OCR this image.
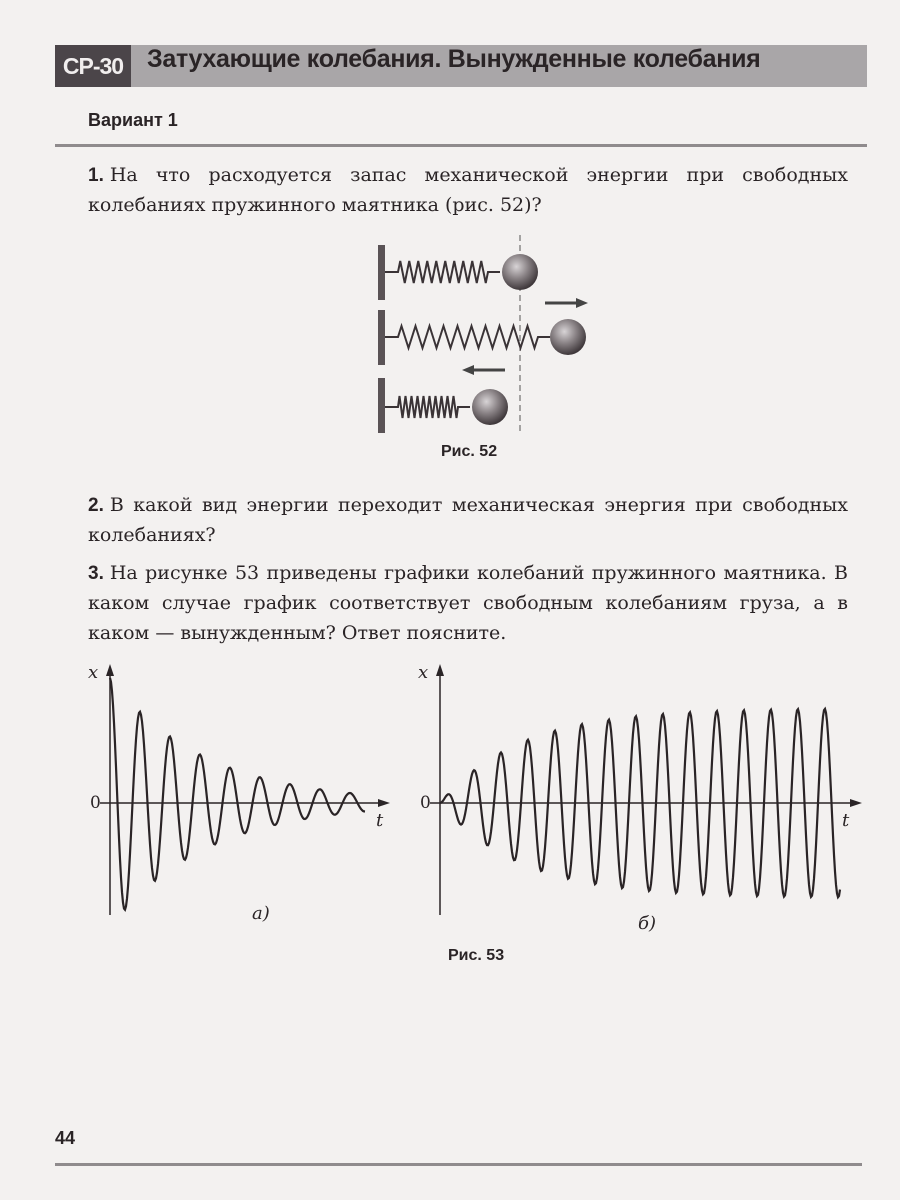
СР-30 Затухающие колебания. Вынужденные колебания
Вариант 1
1. На что расходуется запас механической энергии при свободных колебаниях пружинного маятника (рис. 52)?
Рис. 52
2. В какой вид энергии переходит механическая энергия при свободных колебаниях?
3. На рисунке 53 приведены графики колебаний пружинного маятника. В каком случае график соответствует свободным колебаниям груза, а в каком — вынужденным? Ответ поясните.
x
0
t
а)
x
0
t
б)
Рис. 53
44
